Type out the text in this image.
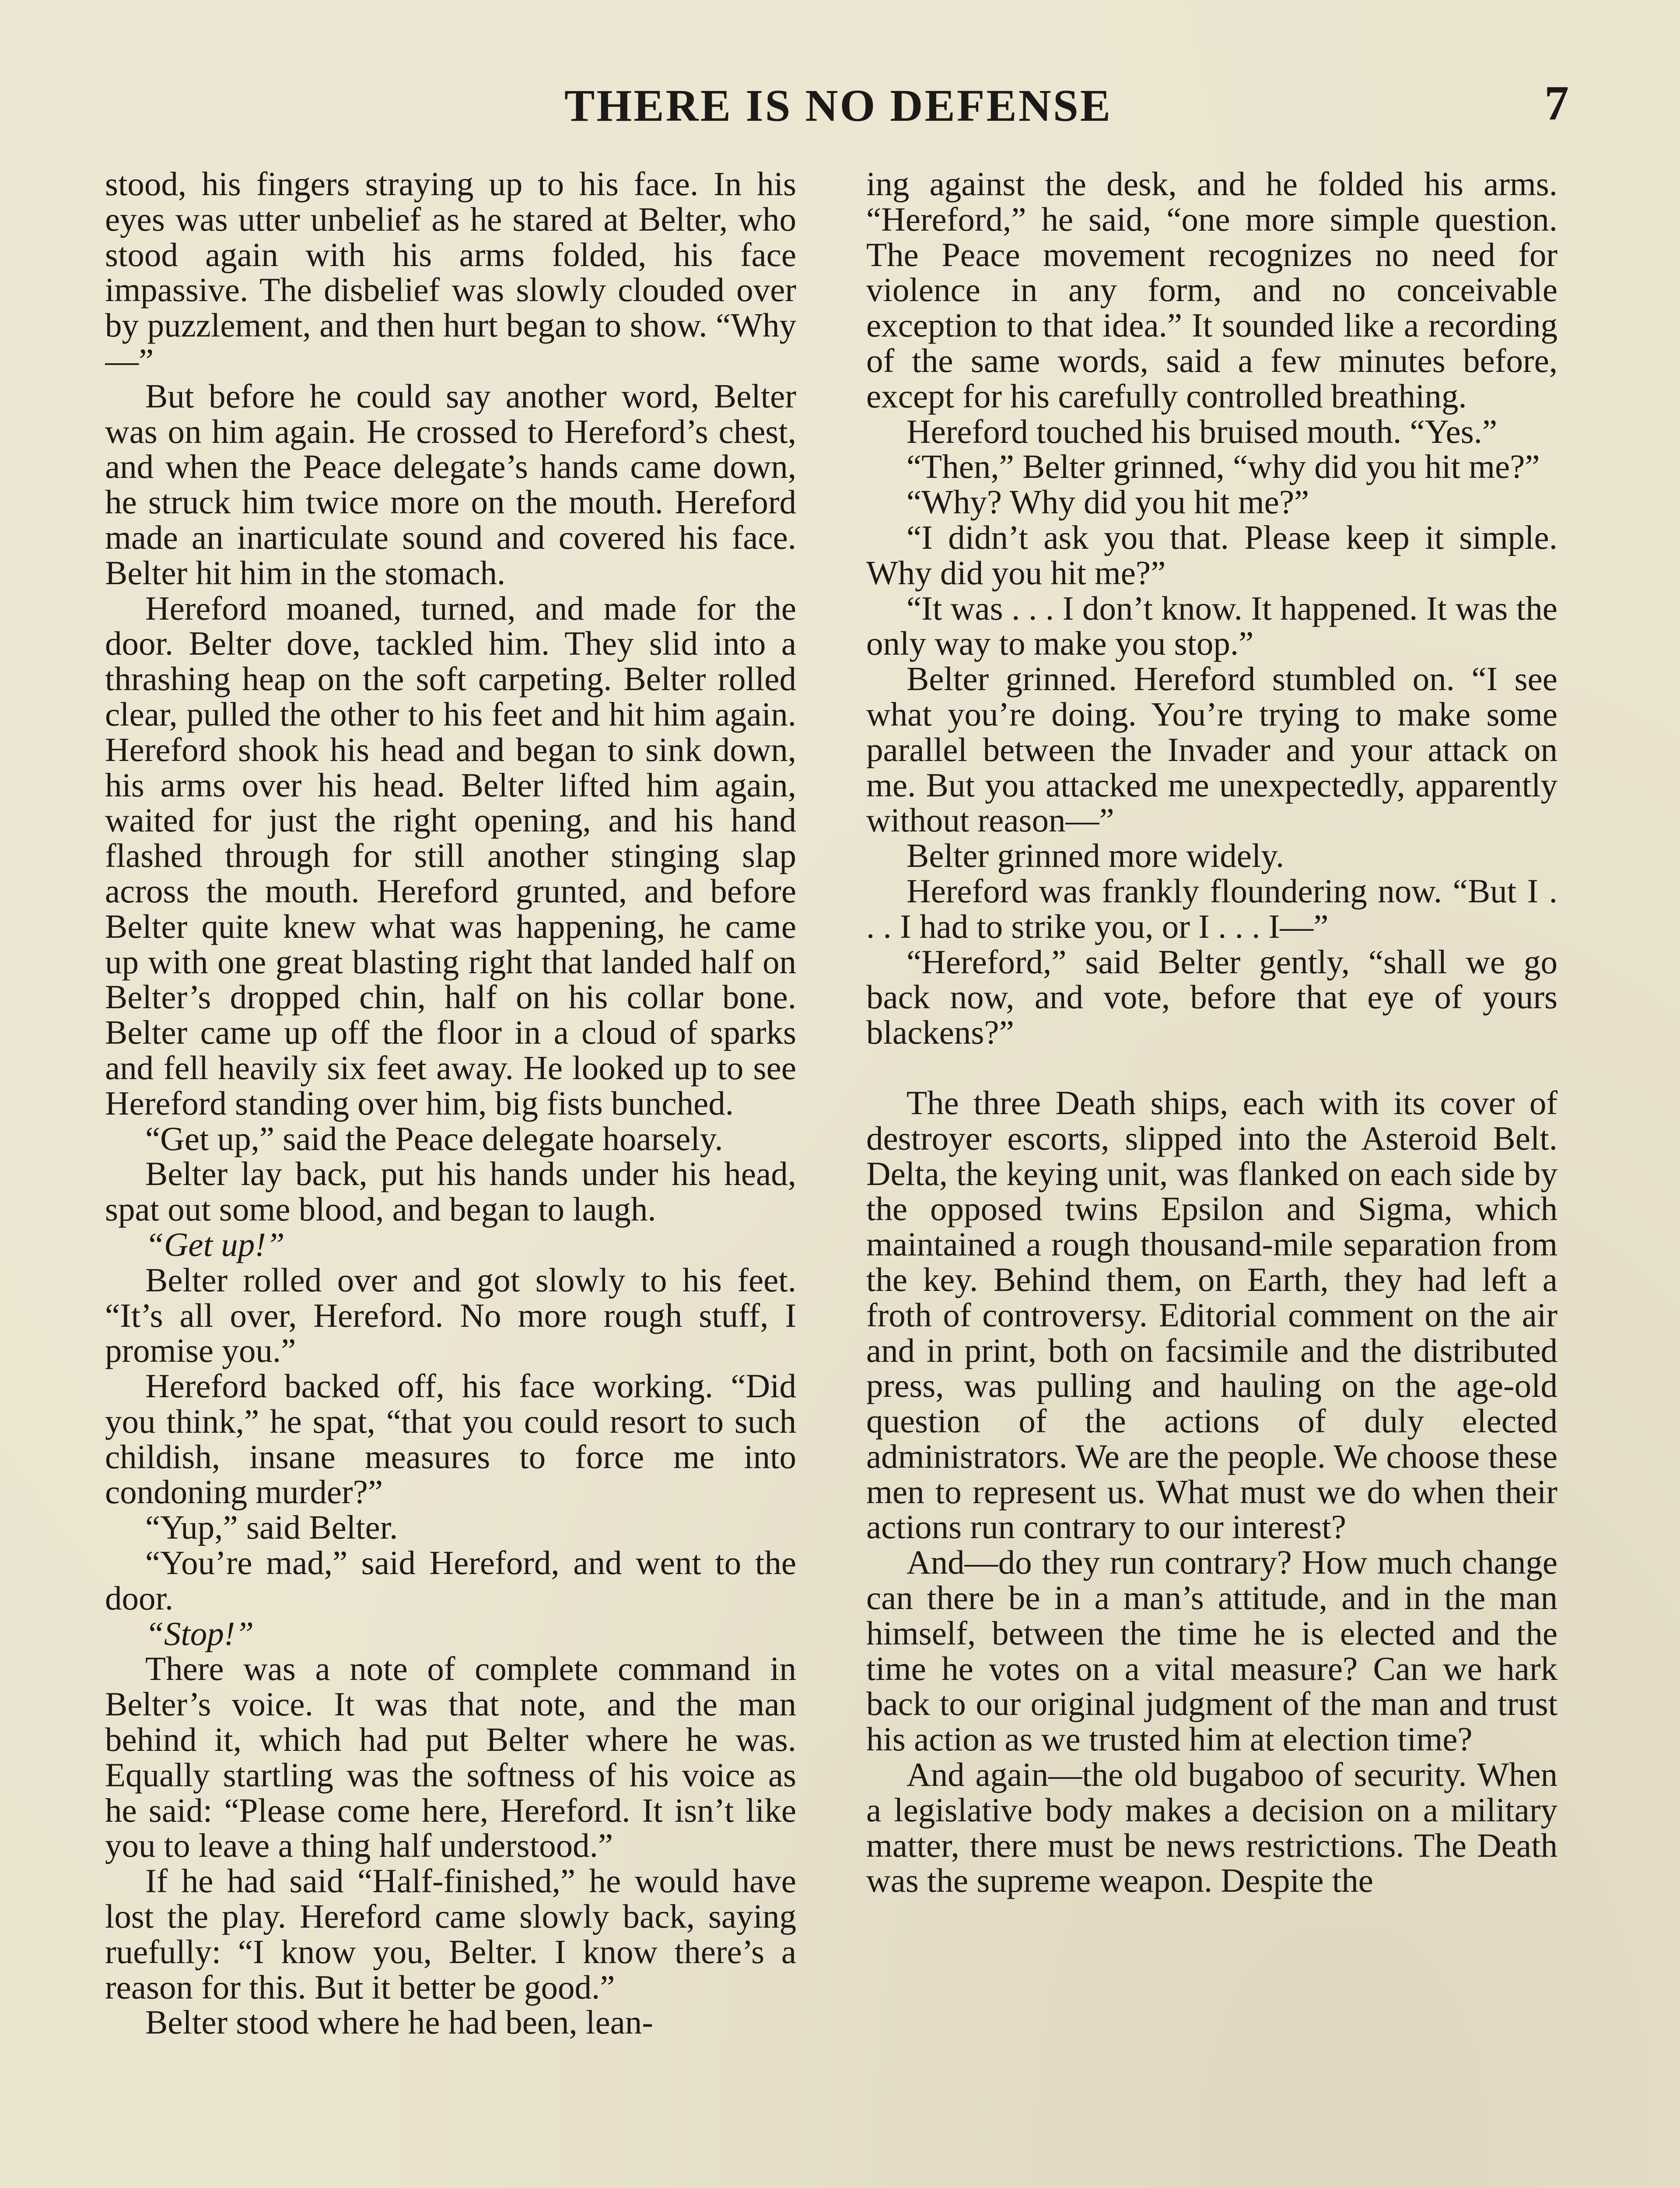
THERE IS NO DEFENSE	7

stood, his fingers straying up to his face. In his eyes was utter unbelief as he stared at Belter, who stood again with his arms folded, his face impassive. The disbelief was slowly clouded over by puzzlement, and then hurt began to show. “Why—”

But before he could say another word, Belter was on him again. He crossed to Hereford’s chest, and when the Peace delegate’s hands came down, he struck him twice more on the mouth. Hereford made an inarticulate sound and covered his face. Belter hit him in the stomach.

Hereford moaned, turned, and made for the door. Belter dove, tackled him. They slid into a thrashing heap on the soft carpeting. Belter rolled clear, pulled the other to his feet and hit him again. Hereford shook his head and began to sink down, his arms over his head. Belter lifted him again, waited for just the right opening, and his hand flashed through for still another stinging slap across the mouth. Hereford grunted, and before Belter quite knew what was happening, he came up with one great blasting right that landed half on Belter’s dropped chin, half on his collar bone. Belter came up off the floor in a cloud of sparks and fell heavily six feet away. He looked up to see Hereford standing over him, big fists bunched.

“Get up,” said the Peace delegate hoarsely.

Belter lay back, put his hands under his head, spat out some blood, and began to laugh.

“Get up!”

Belter rolled over and got slowly to his feet. “It’s all over, Hereford. No more rough stuff, I promise you.”

Hereford backed off, his face working. “Did you think,” he spat, “that you could resort to such childish, insane measures to force me into condoning murder?”

“Yup,” said Belter.

“You’re mad,” said Hereford, and went to the door.

“Stop!”

There was a note of complete command in Belter’s voice. It was that note, and the man behind it, which had put Belter where he was. Equally startling was the softness of his voice as he said: “Please come here, Hereford. It isn’t like you to leave a thing half understood.”

If he had said “Half-finished,” he would have lost the play. Hereford came slowly back, saying ruefully: “I know you, Belter. I know there’s a reason for this. But it better be good.”

Belter stood where he had been, lean-

ing against the desk, and he folded his arms. “Hereford,” he said, “one more simple question. The Peace movement recognizes no need for violence in any form, and no conceivable exception to that idea.” It sounded like a recording of the same words, said a few minutes before, except for his carefully controlled breathing.

Hereford touched his bruised mouth. “Yes.”

“Then,” Belter grinned, “why did you hit me?”

“Why? Why did you hit me?”

“I didn’t ask you that. Please keep it simple. Why did you hit me?”

“It was . . . I don’t know. It happened. It was the only way to make you stop.”

Belter grinned. Hereford stumbled on. “I see what you’re doing. You’re trying to make some parallel between the Invader and your attack on me. But you attacked me unexpectedly, apparently without reason—”

Belter grinned more widely.

Hereford was frankly floundering now. “But I . . . I had to strike you, or I . . . I—”

“Hereford,” said Belter gently, “shall we go back now, and vote, before that eye of yours blackens?”

The three Death ships, each with its cover of destroyer escorts, slipped into the Asteroid Belt. Delta, the keying unit, was flanked on each side by the opposed twins Epsilon and Sigma, which maintained a rough thousand-mile separation from the key. Behind them, on Earth, they had left a froth of controversy. Editorial comment on the air and in print, both on facsimile and the distributed press, was pulling and hauling on the age-old question of the actions of duly elected administrators. We are the people. We choose these men to represent us. What must we do when their actions run contrary to our interest?

And—do they run contrary? How much change can there be in a man’s attitude, and in the man himself, between the time he is elected and the time he votes on a vital measure? Can we hark back to our original judgment of the man and trust his action as we trusted him at election time?

And again—the old bugaboo of security. When a legislative body makes a decision on a military matter, there must be news restrictions. The Death was the supreme weapon. Despite the
